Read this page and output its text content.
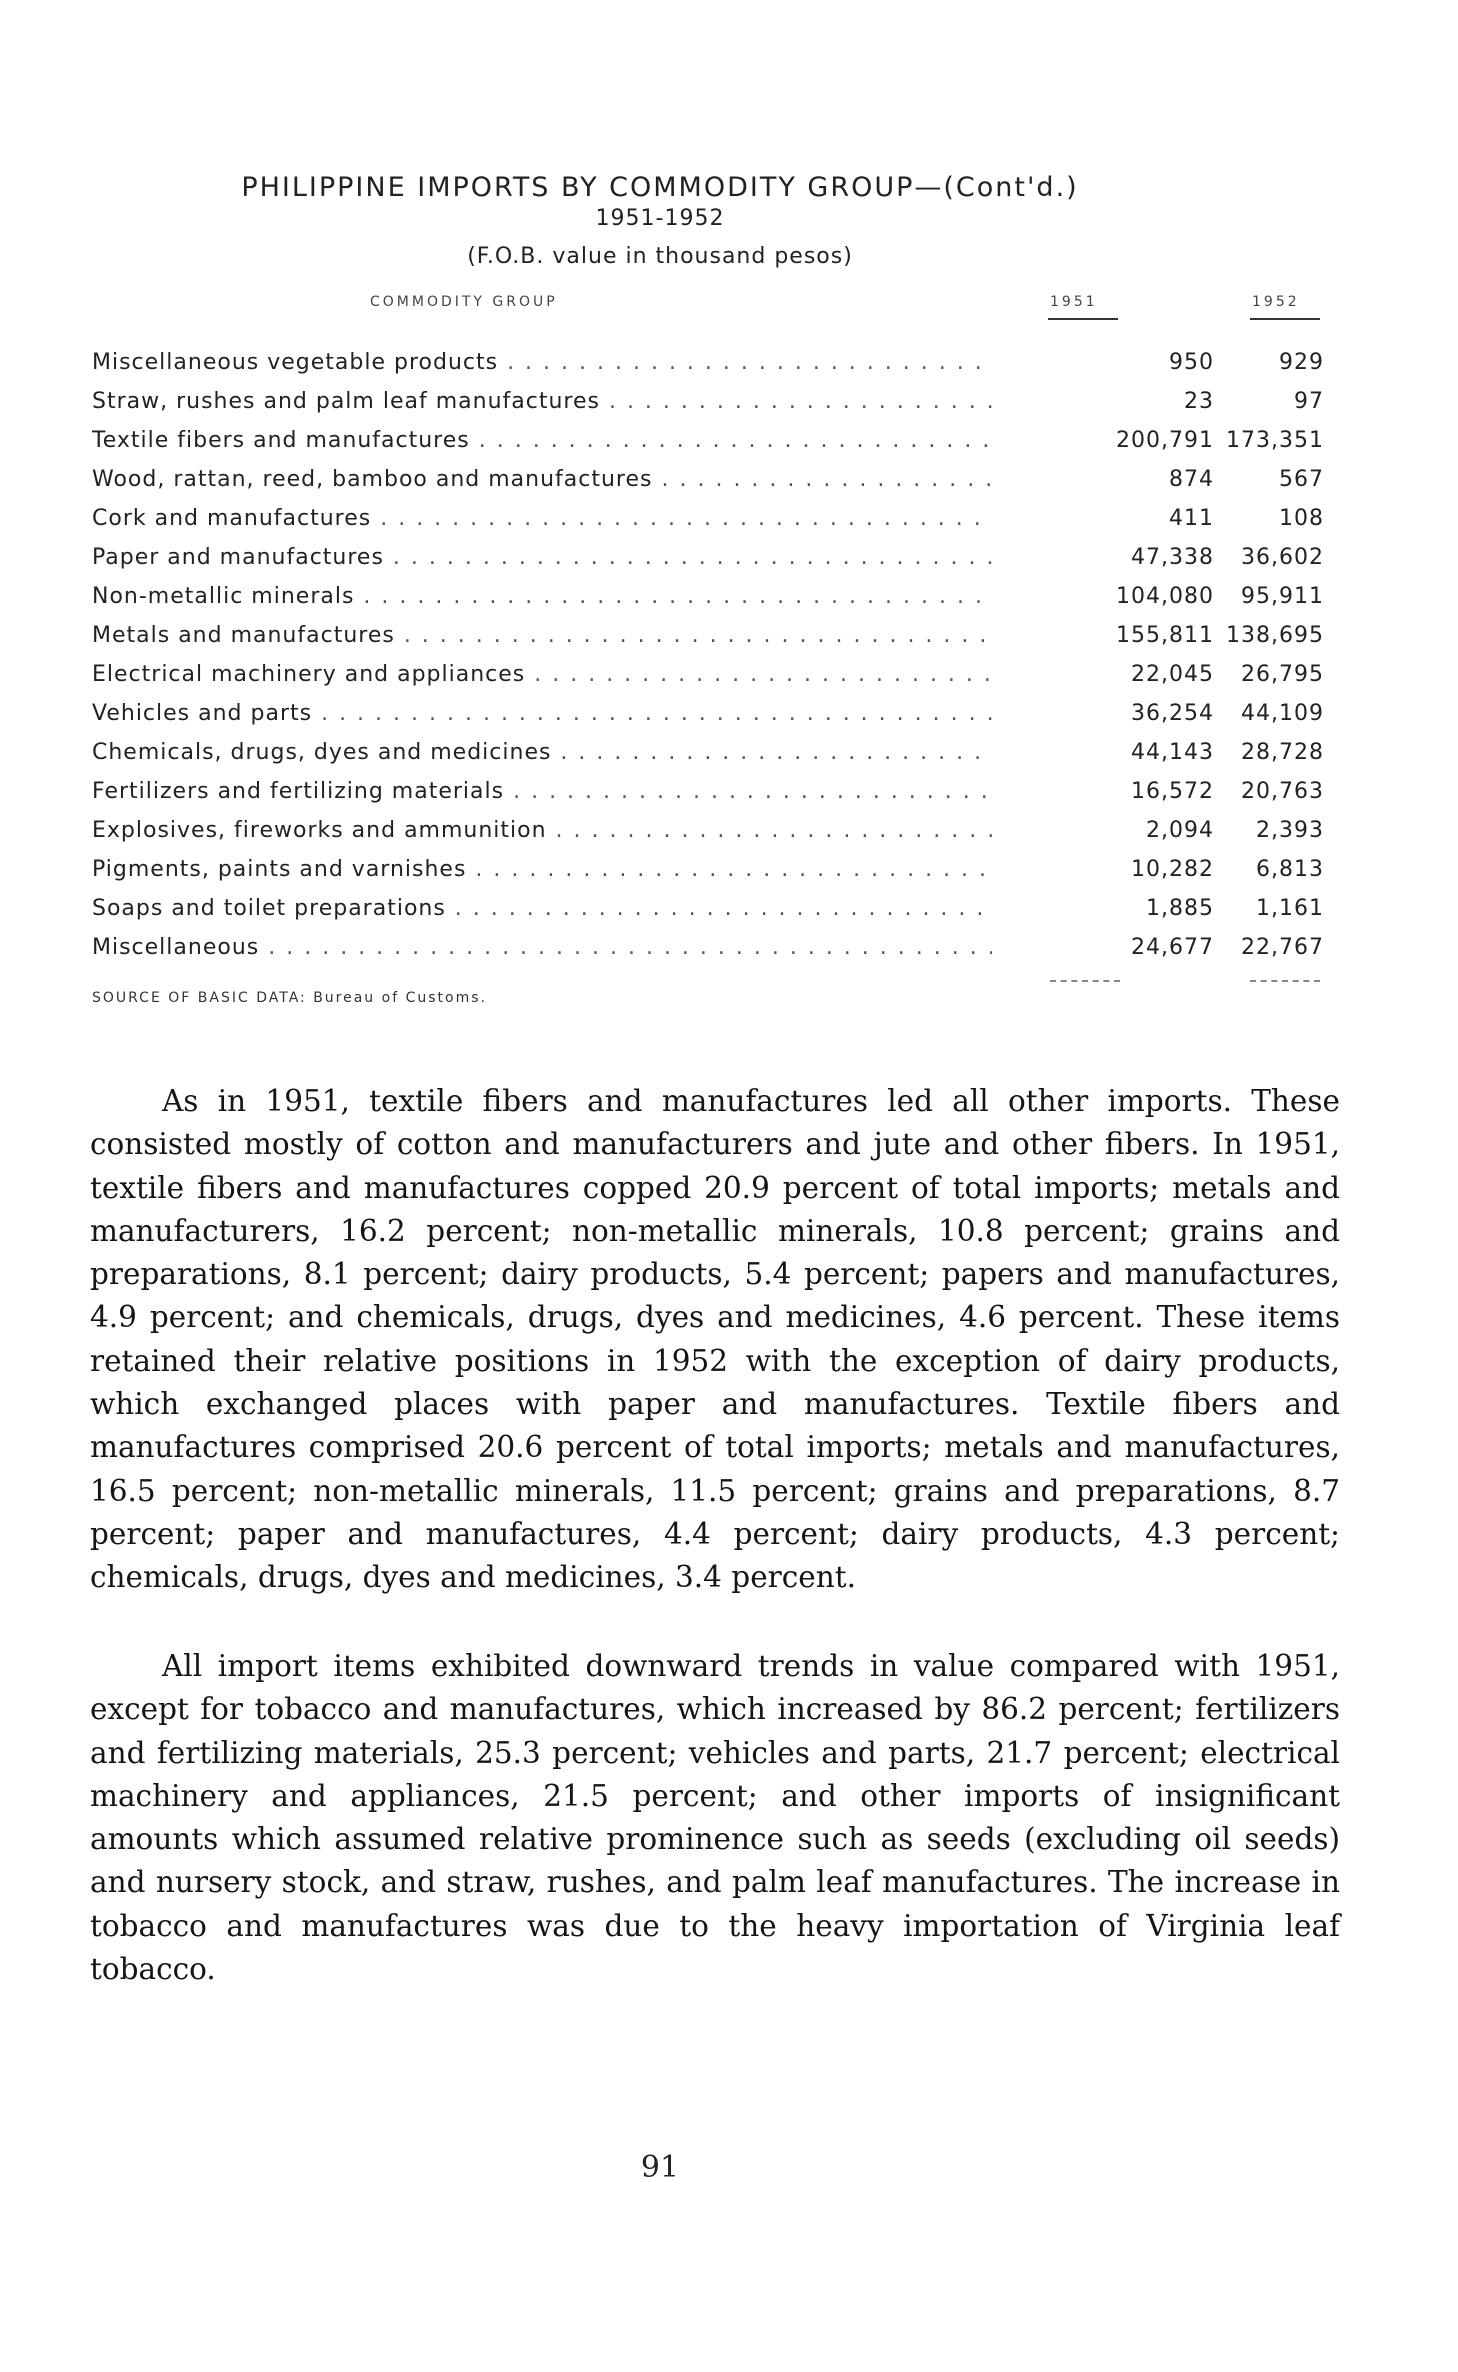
PHILIPPINE IMPORTS BY COMMODITY GROUP—(Cont'd.)
1951-1952
(F.O.B. value in thousand pesos)
COMMODITY GROUP	1951	1952
Miscellaneous vegetable products . . .	950	929
Straw, rushes and palm leaf manufactures . . .	23	97
Textile fibers and manufactures . . .	200,791 173,351
Wood, rattan, reed, bamboo and manufactures . . .	874	567
Cork and manufactures . . .	411	108
Paper and manufactures . . .	47,338	36,602
Non-metallic minerals . . .	104,080	95,911
Metals and manufactures . . .	155,811 138,695
Electrical machinery and appliances . . .	22,045	26,795
Vehicles and parts . . .	36,254	44,109
Chemicals, drugs, dyes and medicines . . .	44,143	28,728
Fertilizers and fertilizing materials . . .	16,572	20,763
Explosives, fireworks and ammunition . . .	2,094	2,393
Pigments, paints and varnishes . . .	10,282	6,813
Soaps and toilet preparations . . .	1,885	1,161
Miscellaneous . . .	24,677	22,767
SOURCE OF BASIC DATA: Bureau of Customs.

As in 1951, textile fibers and manufactures led all other imports. These consisted mostly of cotton and manufacturers and jute and other fibers. In 1951, textile fibers and manufactures copped 20.9 percent of total imports; metals and manufacturers, 16.2 percent; non-metallic minerals, 10.8 percent; grains and preparations, 8.1 percent; dairy products, 5.4 percent; papers and manufactures, 4.9 percent; and chemicals, drugs, dyes and medicines, 4.6 percent. These items retained their relative positions in 1952 with the exception of dairy products, which exchanged places with paper and manufactures. Textile fibers and manufactures comprised 20.6 percent of total imports; metals and manufactures, 16.5 percent; non-metallic minerals, 11.5 percent; grains and preparations, 8.7 percent; paper and manufactures, 4.4 percent; dairy products, 4.3 percent; chemicals, drugs, dyes and medicines, 3.4 percent.

All import items exhibited downward trends in value compared with 1951, except for tobacco and manufactures, which increased by 86.2 percent; fertilizers and fertilizing materials, 25.3 percent; vehicles and parts, 21.7 percent; electrical machinery and appliances, 21.5 percent; and other imports of insignificant amounts which assumed relative prominence such as seeds (excluding oil seeds) and nursery stock, and straw, rushes, and palm leaf manufactures. The increase in tobacco and manufactures was due to the heavy importation of Virginia leaf tobacco.

91
